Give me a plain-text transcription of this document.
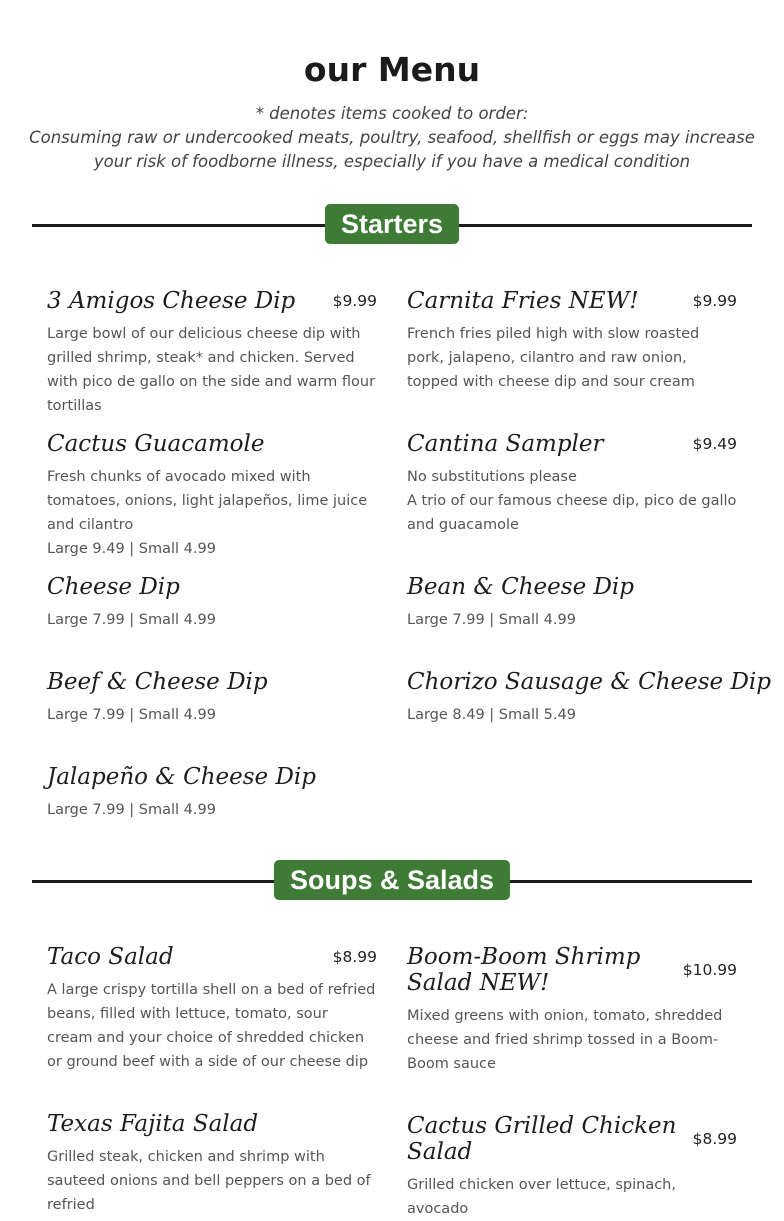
our Menu
* denotes items cooked to order:
Consuming raw or undercooked meats, poultry, seafood, shellfish or eggs may increase your risk of foodborne illness, especially if you have a medical condition
Starters
3 Amigos Cheese Dip $9.99
Large bowl of our delicious cheese dip with grilled shrimp, steak* and chicken. Served with pico de gallo on the side and warm flour tortillas
Carnita Fries NEW!	$9.99
French fries piled high with slow roasted pork, jalapeno, cilantro and raw onion, topped with cheese dip and sour cream
Cactus Guacamole
Fresh chunks of avocado mixed with tomatoes, onions, light jalapeños, lime juice and cilantro
Large 9.49 | Small 4.99
Cantina Sampler	$9.49
No substitutions please
A trio of our famous cheese dip, pico de gallo and guacamole
Cheese Dip
Large 7.99 | Small 4.99
Bean & Cheese Dip
Large 7.99 | Small 4.99
Beef & Cheese Dip
Large 7.99 | Small 4.99
Chorizo Sausage & Cheese Dip
Large 8.49 | Small 5.49
Jalapeño & Cheese Dip
Large 7.99 | Small 4.99
Soups & Salads
Taco Salad	$8.99
A large crispy tortilla shell on a bed of refried beans, filled with lettuce, tomato, sour cream and your choice of shredded chicken or ground beef with a side of our cheese dip
Boom-Boom Shrimp Salad NEW!	$10.99
Mixed greens with onion, tomato, shredded cheese and fried shrimp tossed in a Boom-Boom sauce
Texas Fajita Salad
Grilled steak, chicken and shrimp with sauteed onions and bell peppers on a bed of refried
Cactus Grilled Chicken Salad	$8.99
Grilled chicken over lettuce, spinach, avocado
